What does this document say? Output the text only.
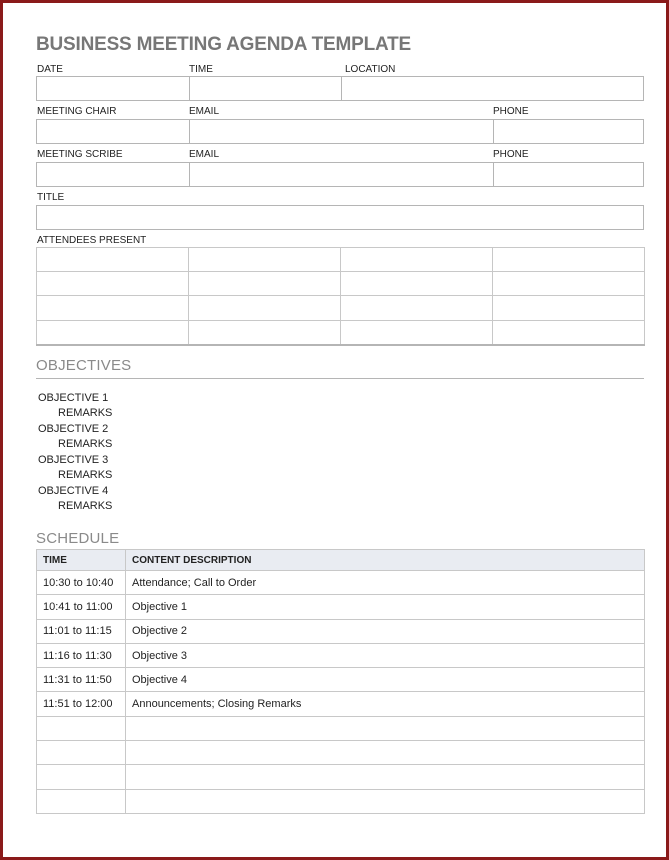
BUSINESS MEETING AGENDA TEMPLATE
DATE	TIME	LOCATION
MEETING CHAIR	EMAIL	PHONE
MEETING SCRIBE	EMAIL	PHONE
TITLE
ATTENDEES PRESENT

OBJECTIVES
OBJECTIVE 1
REMARKS
OBJECTIVE 2
REMARKS
OBJECTIVE 3
REMARKS
OBJECTIVE 4
REMARKS
SCHEDULE
TIME	CONTENT DESCRIPTION
10:30 to 10:40	Attendance; Call to Order
10:41 to 11:00	Objective 1
11:01 to 11:15	Objective 2
11:16 to 11:30	Objective 3
11:31 to 11:50	Objective 4
11:51 to 12:00	Announcements; Closing Remarks
